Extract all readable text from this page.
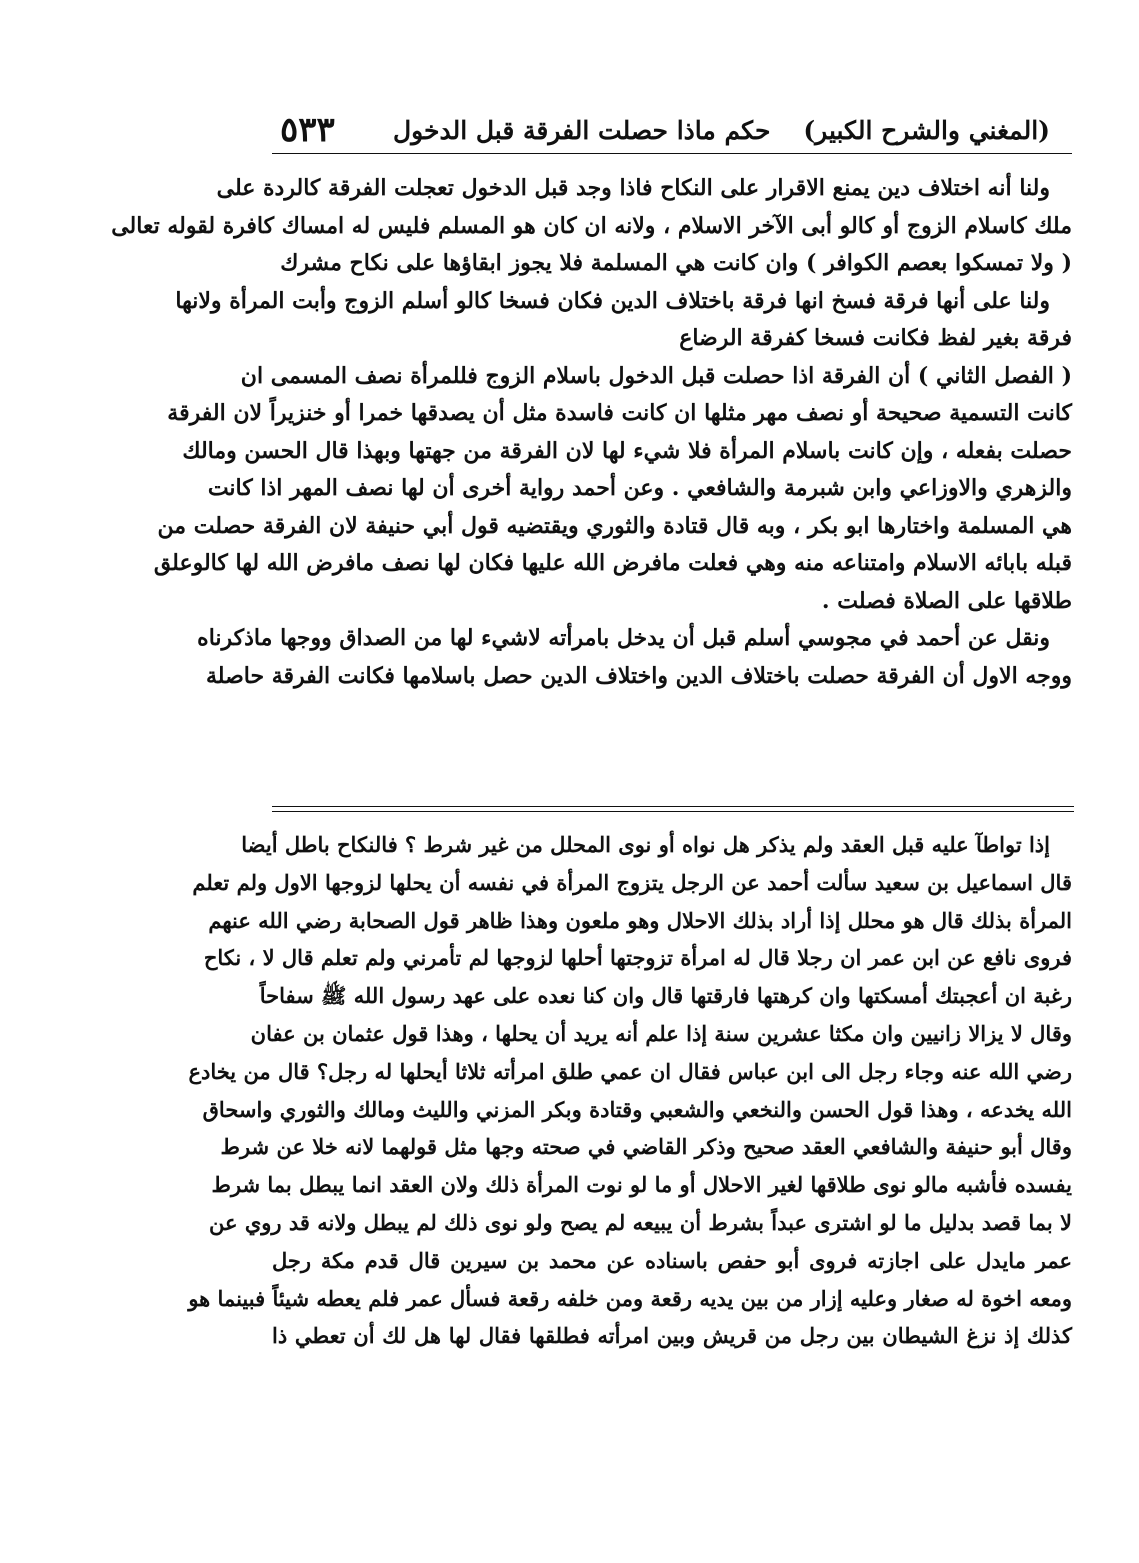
(المغني والشرح الكبير)
حكم ماذا حصلت الفرقة قبل الدخول
٥٣٣
ولنا أنه اختلاف دين يمنع الاقرار على النكاح فاذا وجد قبل الدخول تعجلت الفرقة كالردة على
ملك كاسلام الزوج أو كالو أبى الآخر الاسلام ، ولانه ان كان هو المسلم فليس له امساك كافرة لقوله تعالى
( ولا تمسكوا بعصم الكوافر ) وان كانت هي المسلمة فلا يجوز ابقاؤها على نكاح مشرك
ولنا على أنها فرقة فسخ انها فرقة باختلاف الدين فكان فسخا كالو أسلم الزوج وأبت المرأة ولانها
فرقة بغير لفظ فكانت فسخا كفرقة الرضاع
( الفصل الثاني ) أن الفرقة اذا حصلت قبل الدخول باسلام الزوج فللمرأة نصف المسمى ان
كانت التسمية صحيحة أو نصف مهر مثلها ان كانت فاسدة مثل أن يصدقها خمرا أو خنزيراً لان الفرقة
حصلت بفعله ، وإن كانت باسلام المرأة فلا شيء لها لان الفرقة من جهتها وبهذا قال الحسن ومالك
والزهري والاوزاعي وابن شبرمة والشافعي . وعن أحمد رواية أخرى أن لها نصف المهر اذا كانت
هي المسلمة واختارها ابو بكر ، وبه قال قتادة والثوري ويقتضيه قول أبي حنيفة لان الفرقة حصلت من
قبله بابائه الاسلام وامتناعه منه وهي فعلت مافرض الله عليها فكان لها نصف مافرض الله لها كالوعلق
طلاقها على الصلاة فصلت .
ونقل عن أحمد في مجوسي أسلم قبل أن يدخل بامرأته لاشيء لها من الصداق ووجها ماذكرناه
ووجه الاول أن الفرقة حصلت باختلاف الدين واختلاف الدين حصل باسلامها فكانت الفرقة حاصلة
إذا تواطآ عليه قبل العقد ولم يذكر هل نواه أو نوى المحلل من غير شرط ؟ فالنكاح باطل أيضا
قال اسماعيل بن سعيد سألت أحمد عن الرجل يتزوج المرأة في نفسه أن يحلها لزوجها الاول ولم تعلم
المرأة بذلك قال هو محلل إذا أراد بذلك الاحلال وهو ملعون وهذا ظاهر قول الصحابة رضي الله عنهم
فروى نافع عن ابن عمر ان رجلا قال له امرأة تزوجتها أحلها لزوجها لم تأمرني ولم تعلم قال لا ، نكاح
رغبة ان أعجبتك أمسكتها وان كرهتها فارقتها قال وان كنا نعده على عهد رسول الله ﷺ سفاحاً
وقال لا يزالا زانيين وان مكثا عشرين سنة إذا علم أنه يريد أن يحلها ، وهذا قول عثمان بن عفان
رضي الله عنه وجاء رجل الى ابن عباس فقال ان عمي طلق امرأته ثلاثا أيحلها له رجل؟ قال من يخادع
الله يخدعه ، وهذا قول الحسن والنخعي والشعبي وقتادة وبكر المزني والليث ومالك والثوري واسحاق
وقال أبو حنيفة والشافعي العقد صحيح وذكر القاضي في صحته وجها مثل قولهما لانه خلا عن شرط
يفسده فأشبه مالو نوى طلاقها لغير الاحلال أو ما لو نوت المرأة ذلك ولان العقد انما يبطل بما شرط
لا بما قصد بدليل ما لو اشترى عبداً بشرط أن يبيعه لم يصح ولو نوى ذلك لم يبطل ولانه قد روي عن
عمر مايدل على اجازته فروى أبو حفص باسناده عن محمد بن سيرين قال قدم مكة رجل
ومعه اخوة له صغار وعليه إزار من بين يديه رقعة ومن خلفه رقعة فسأل عمر فلم يعطه شيئاً فبينما هو
كذلك إذ نزغ الشيطان بين رجل من قريش وبين امرأته فطلقها فقال لها هل لك أن تعطي ذا
